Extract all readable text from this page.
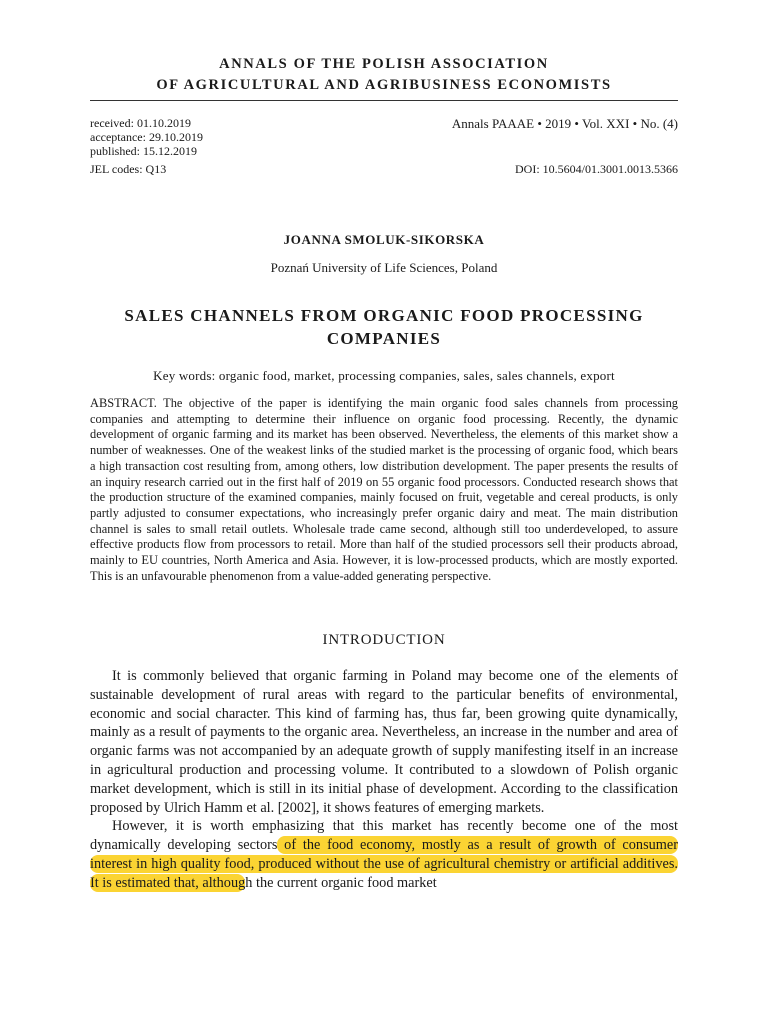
ANNALS OF THE POLISH ASSOCIATION
OF AGRICULTURAL AND AGRIBUSINESS ECONOMISTS
received: 01.10.2019
acceptance: 29.10.2019
published: 15.12.2019
Annals PAAAE • 2019 • Vol. XXI • No. (4)
JEL codes: Q13	DOI: 10.5604/01.3001.0013.5366
JOANNA SMOLUK-SIKORSKA
Poznań University of Life Sciences, Poland
SALES CHANNELS FROM ORGANIC FOOD PROCESSING
COMPANIES
Key words: organic food, market, processing companies, sales, sales channels, export

ABSTRACT. The objective of the paper is identifying the main organic food sales channels from processing companies and attempting to determine their influence on organic food processing. Recently, the dynamic development of organic farming and its market has been observed. Nevertheless, the elements of this market show a number of weaknesses. One of the weakest links of the studied market is the processing of organic food, which bears a high transaction cost resulting from, among others, low distribution development. The paper presents the results of an inquiry research carried out in the first half of 2019 on 55 organic food processors. Conducted research shows that the production structure of the examined companies, mainly focused on fruit, vegetable and cereal products, is only partly adjusted to consumer expectations, who increasingly prefer organic dairy and meat. The main distribution channel is sales to small retail outlets. Wholesale trade came second, although still too underdeveloped, to assure effective products flow from processors to retail. More than half of the studied processors sell their products abroad, mainly to EU countries, North America and Asia. However, it is low-processed products, which are mostly exported. This is an unfavourable phenomenon from a value-added generating perspective.

INTRODUCTION

It is commonly believed that organic farming in Poland may become one of the elements of sustainable development of rural areas with regard to the particular benefits of environmental, economic and social character. This kind of farming has, thus far, been growing quite dynamically, mainly as a result of payments to the organic area. Nevertheless, an increase in the number and area of organic farms was not accompanied by an adequate growth of supply manifesting itself in an increase in agricultural production and processing volume. It contributed to a slowdown of Polish organic market development, which is still in its initial phase of development. According to the classification proposed by Ulrich Hamm et al. [2002], it shows features of emerging markets.

However, it is worth emphasizing that this market has recently become one of the most dynamically developing sectors of the food economy, mostly as a result of growth of consumer interest in high quality food, produced without the use of agricultural chemistry or artificial additives. It is estimated that, although the current organic food market
